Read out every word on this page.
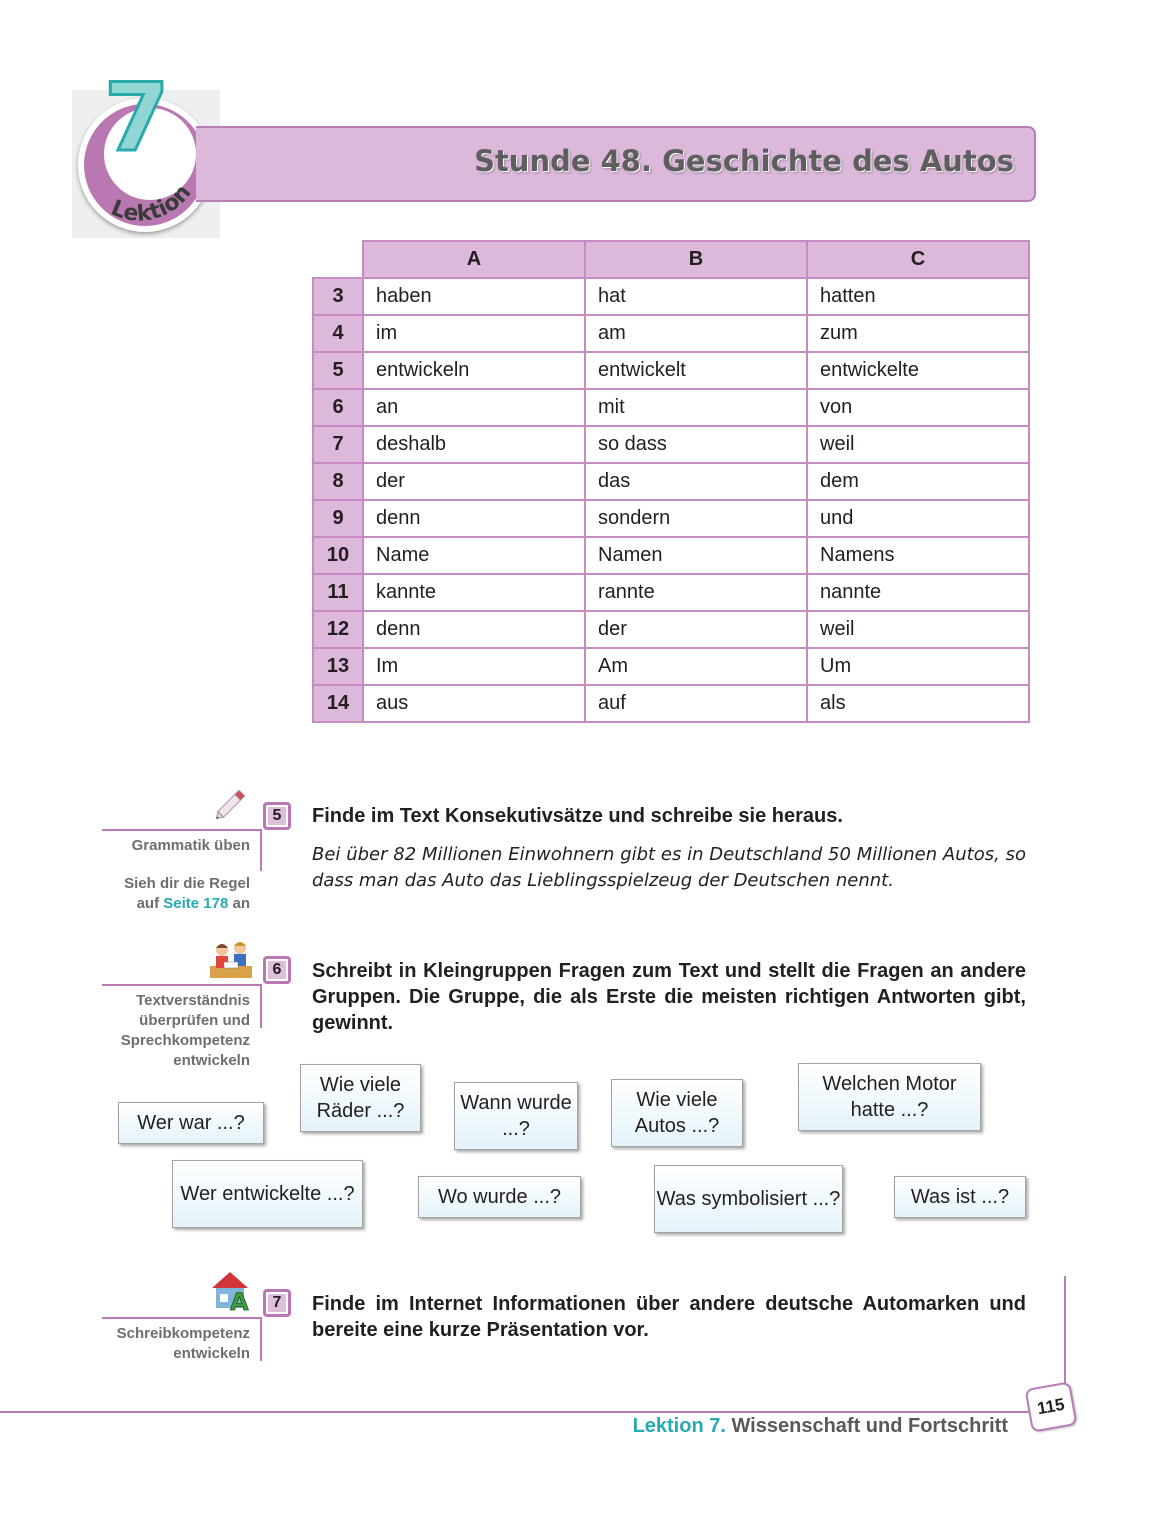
7
Lektion
Stunde 48. Geschichte des Autos
	A	B	C
3	haben	hat	hatten
4	im	am	zum
5	entwickeln	entwickelt	entwickelte
6	an	mit	von
7	deshalb	so dass	weil
8	der	das	dem
9	denn	sondern	und
10	Name	Namen	Namens
11	kannte	rannte	nannte
12	denn	der	weil
13	Im	Am	Um
14	aus	auf	als
5
Grammatik üben
Sieh dir die Regel
auf Seite 178 an
Finde im Text Konsekutivsätze und schreibe sie heraus.
Bei über 82 Millionen Einwohnern gibt es in Deutschland 50 Millionen Autos, so dass man das Auto das Lieblingsspielzeug der Deutschen nennt.
6
Textverständnis
überprüfen und
Sprechkompetenz
entwickeln
Schreibt in Kleingruppen Fragen zum Text und stellt die Fragen an andere Gruppen. Die Gruppe, die als Erste die meisten richtigen Antworten gibt, gewinnt.
Wer war ...?
Wie viele Räder ...?	Wann wurde ...?
Wie viele Autos ...?
Welchen Motor hatte ...?
Wer entwickelte ...?	Wo wurde ...?	Was symbolisiert ...?	Was ist ...?
A	7
Schreibkompetenz
entwickeln
Finde im Internet Informationen über andere deutsche Automarken und bereite eine kurze Präsentation vor.
115
Lektion 7. Wissenschaft und Fortschritt
